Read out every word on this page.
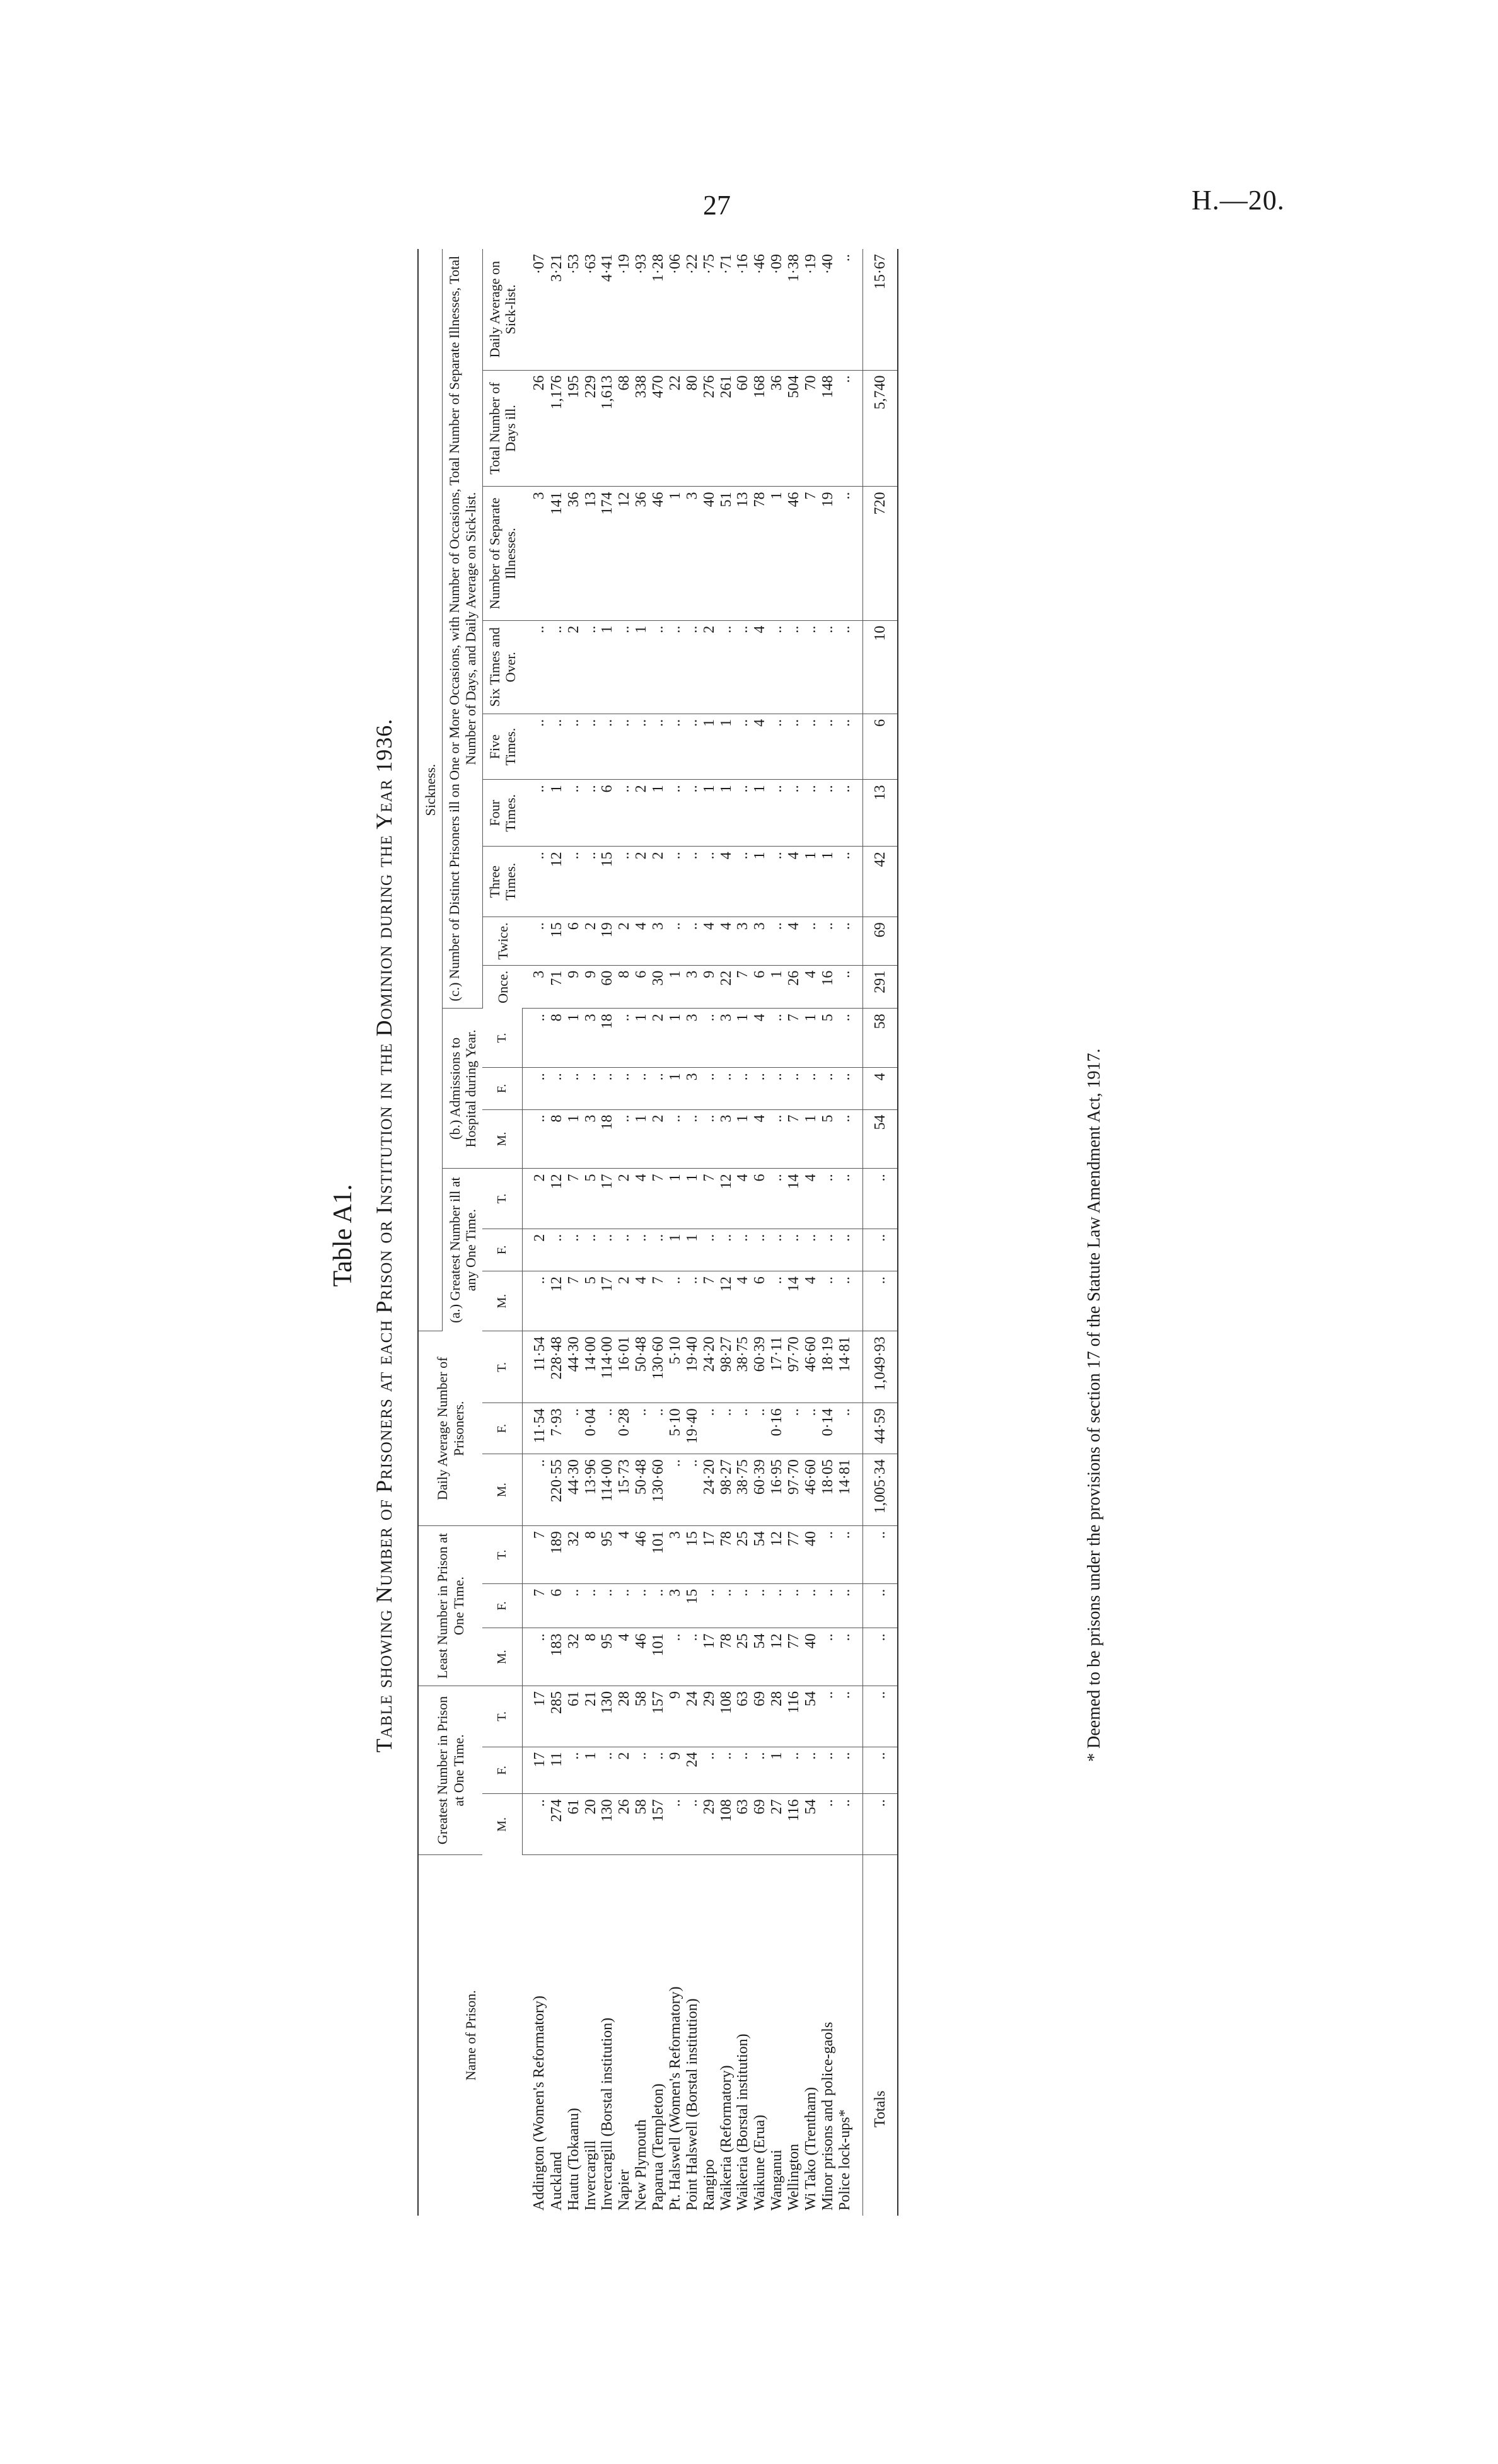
27	H.—20.
Table A1. Table showing Number of Prisoners at each Prison or Institution in the Dominion during the Year 1936.
Name of Prison.	Greatest Number in Prison at One Time.			Least Number in Prison at One Time.			Daily Average Number of Prisoners.			Sickness.														
										(a.) Greatest Number ill at any One Time.			(b.) Admissions to Hospital during Year.			(c.) Number of Distinct Prisoners ill on One or More Occasions, with Number of Occasions, Total Number of Separate Illnesses, Total Number of Days, and Daily Average on Sick-list.								
																Once.	Twice.	Three Times.	Four Times.	Five Times.	Six Times and Over.	Number of Separate Illnesses.	Total Number of Days ill.	Daily Average on Sick-list.
	M.	F.	T.	M.	F.	T.	M.	F.	T.	M.	F.	T.	M.	F.	T.									
Addington (Women's Reformatory)	..	17	17	..	7	7	..	11·54	11·54	..	2	2	..	..	..	3	..	..	..	..	..	3	26	·07
Auckland	274	11	285	183	6	189	220·55	7·93	228·48	12	..	12	8	..	8	71	15	12	1	..	..	141	1,176	3·21
Hautu (Tokaanu)	61	..	61	32	..	32	44·30	..	44·30	7	..	7	1	..	1	9	6	..	..	..	2	36	195	·53
Invercargill	20	1	21	8	..	8	13·96	0·04	14·00	5	..	5	3	..	3	9	2	..	..	..	..	13	229	·63
Invercargill (Borstal institution)	130	..	130	95	..	95	114·00	..	114·00	17	..	17	18	..	18	60	19	15	6	..	1	174	1,613	4·41
Napier	26	2	28	4	..	4	15·73	0·28	16·01	2	..	2	..	..	..	8	2	..	..	..	..	12	68	·19
New Plymouth	58	..	58	46	..	46	50·48	..	50·48	4	..	4	1	..	1	6	4	2	2	..	1	36	338	·93
Paparua (Templeton)	157	..	157	101	..	101	130·60	..	130·60	7	..	7	2	..	2	30	3	2	1	..	..	46	470	1·28
Pt. Halswell (Women's Reformatory)	..	9	9	..	3	3	..	5·10	5·10	..	1	1	..	1	1	1	..	..	..	..	..	1	22	·06
Point Halswell (Borstal institution)	..	24	24	..	15	15	..	19·40	19·40	..	1	1	..	3	3	3	..	..	..	..	..	3	80	·22
Rangipo	29	..	29	17	..	17	24·20	..	24·20	7	..	7	..	..	..	9	4	..	1	1	2	40	276	·75
Waikeria (Reformatory)	108	..	108	78	..	78	98·27	..	98·27	12	..	12	3	..	3	22	4	4	1	1	..	51	261	·71
Waikeria (Borstal institution)	63	..	63	25	..	25	38·75	..	38·75	4	..	4	1	..	1	7	3	..	..	..	..	13	60	·16
Waikune (Erua)	69	..	69	54	..	54	60·39	..	60·39	6	..	6	4	..	4	6	3	1	1	4	4	78	168	·46
Wanganui	27	1	28	12	..	12	16·95	0·16	17·11	..	..	..	..	..	..	1	..	..	..	..	..	1	36	·09
Wellington	116	..	116	77	..	77	97·70	..	97·70	14	..	14	7	..	7	26	4	4	..	..	..	46	504	1·38
Wi Tako (Trentham)	54	..	54	40	..	40	46·60	..	46·60	4	..	4	1	..	1	4	..	1	..	..	..	7	70	·19
Minor prisons and police-gaols	..	..	..	..	..	..	18·05	0·14	18·19	..	..	..	5	..	5	16	..	1	..	..	..	19	148	·40
Police lock-ups*	..	..	..	..	..	..	14·81	..	14·81	..	..	..	..	..	..	..	..	..	..	..	..	..	..	..
Totals	..	..	..	..	..	..	1,005·34	44·59	1,049·93	..	..	..	54	4	58	291	69	42	13	6	10	720	5,740	15·67
* Deemed to be prisons under the provisions of section 17 of the Statute Law Amendment Act, 1917.
